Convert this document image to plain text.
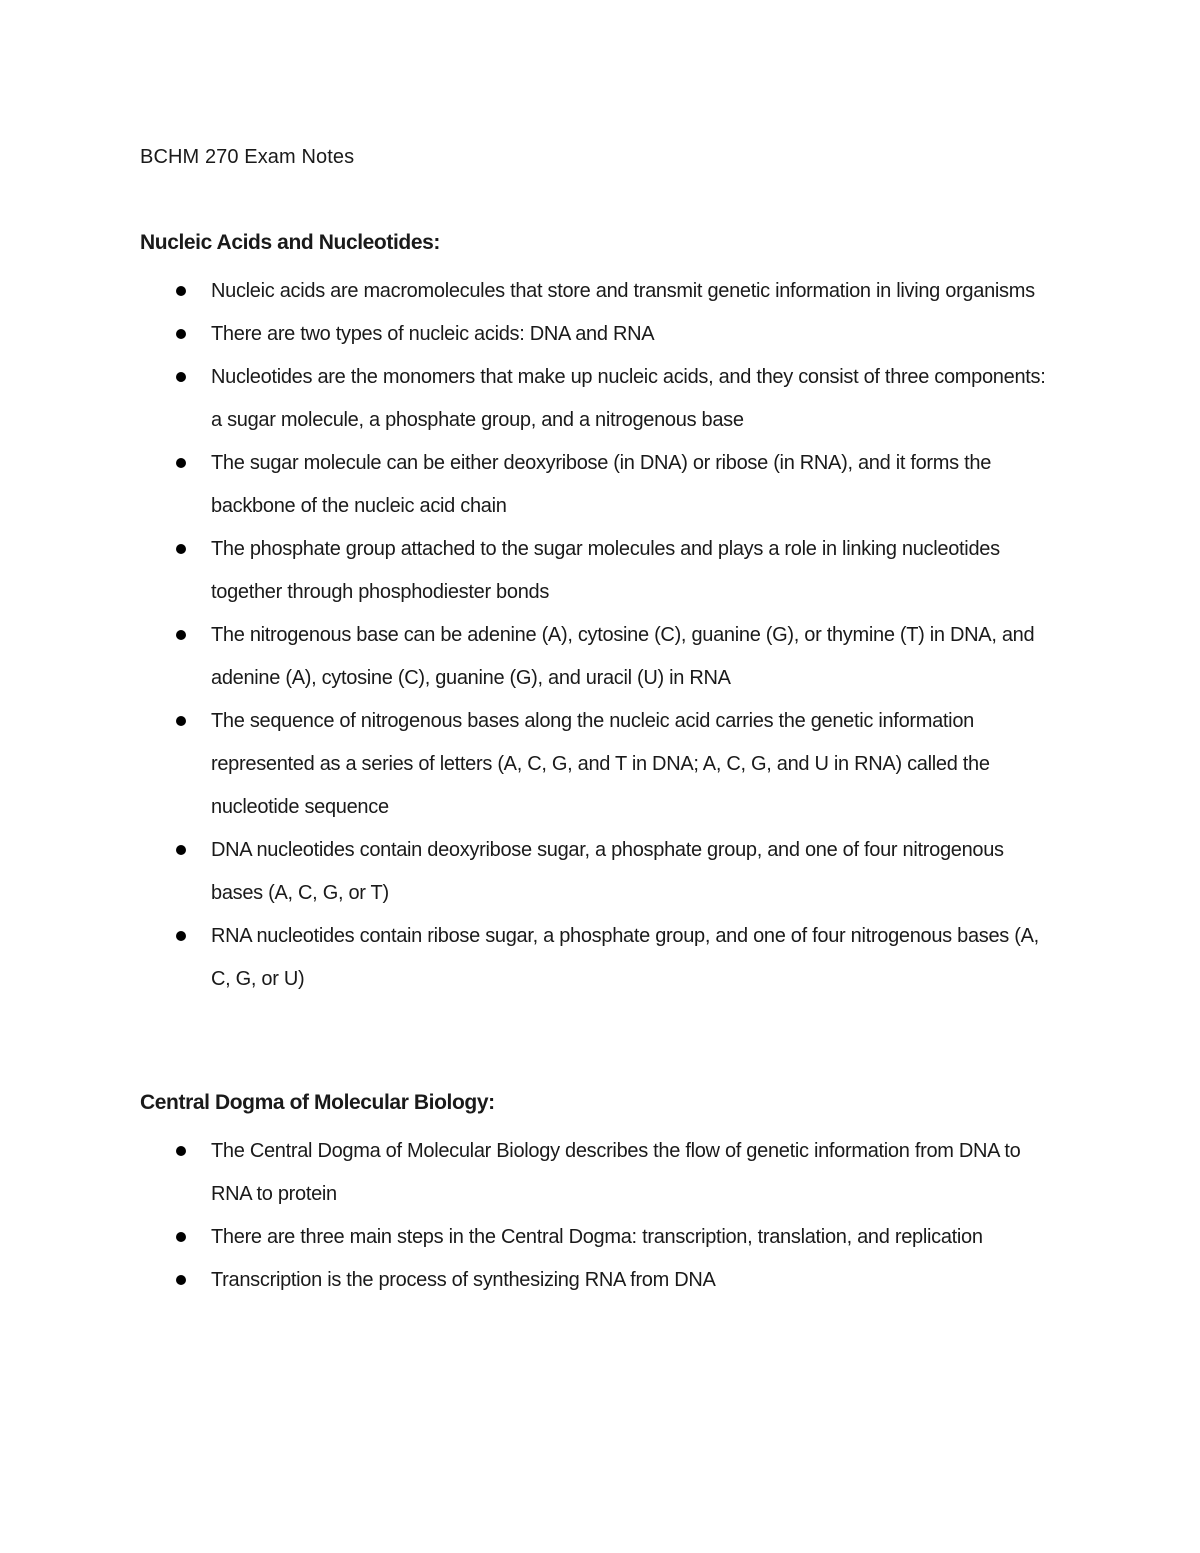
BCHM 270 Exam Notes

Nucleic Acids and Nucleotides:
Nucleic acids are macromolecules that store and transmit genetic information in living organisms
There are two types of nucleic acids: DNA and RNA
Nucleotides are the monomers that make up nucleic acids, and they consist of three components: a sugar molecule, a phosphate group, and a nitrogenous base
The sugar molecule can be either deoxyribose (in DNA) or ribose (in RNA), and it forms the backbone of the nucleic acid chain
The phosphate group attached to the sugar molecules and plays a role in linking nucleotides together through phosphodiester bonds
The nitrogenous base can be adenine (A), cytosine (C), guanine (G), or thymine (T) in DNA, and adenine (A), cytosine (C), guanine (G), and uracil (U) in RNA
The sequence of nitrogenous bases along the nucleic acid carries the genetic information represented as a series of letters (A, C, G, and T in DNA; A, C, G, and U in RNA) called the nucleotide sequence
DNA nucleotides contain deoxyribose sugar, a phosphate group, and one of four nitrogenous bases (A, C, G, or T)
RNA nucleotides contain ribose sugar, a phosphate group, and one of four nitrogenous bases (A, C, G, or U)
Central Dogma of Molecular Biology:
The Central Dogma of Molecular Biology describes the flow of genetic information from DNA to RNA to protein
There are three main steps in the Central Dogma: transcription, translation, and replication
Transcription is the process of synthesizing RNA from DNA
